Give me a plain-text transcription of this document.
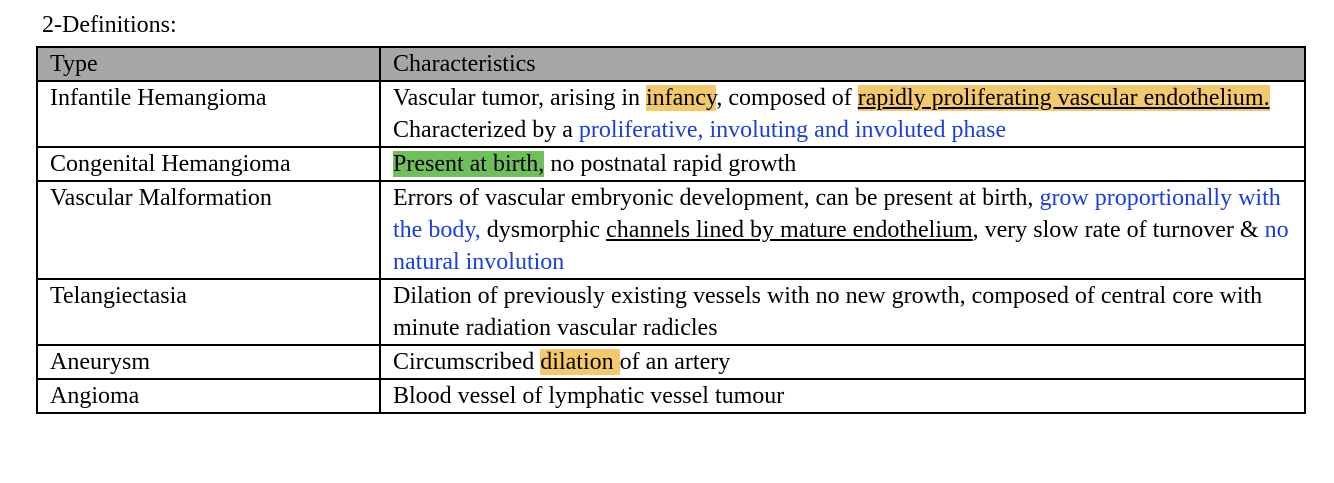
2-Definitions:
Type	Characteristics
Infantile Hemangioma	Vascular tumor, arising in infancy, composed of rapidly proliferating vascular endothelium.
Characterized by a proliferative, involuting and involuted phase
Congenital Hemangioma	Present at birth, no postnatal rapid growth
Vascular Malformation	Errors of vascular embryonic development, can be present at birth, grow proportionally with the body, dysmorphic channels lined by mature endothelium, very slow rate of turnover & no natural involution
Telangiectasia	Dilation of previously existing vessels with no new growth, composed of central core with minute radiation vascular radicles
Aneurysm	Circumscribed dilation of an artery
Angioma	Blood vessel of lymphatic vessel tumour
